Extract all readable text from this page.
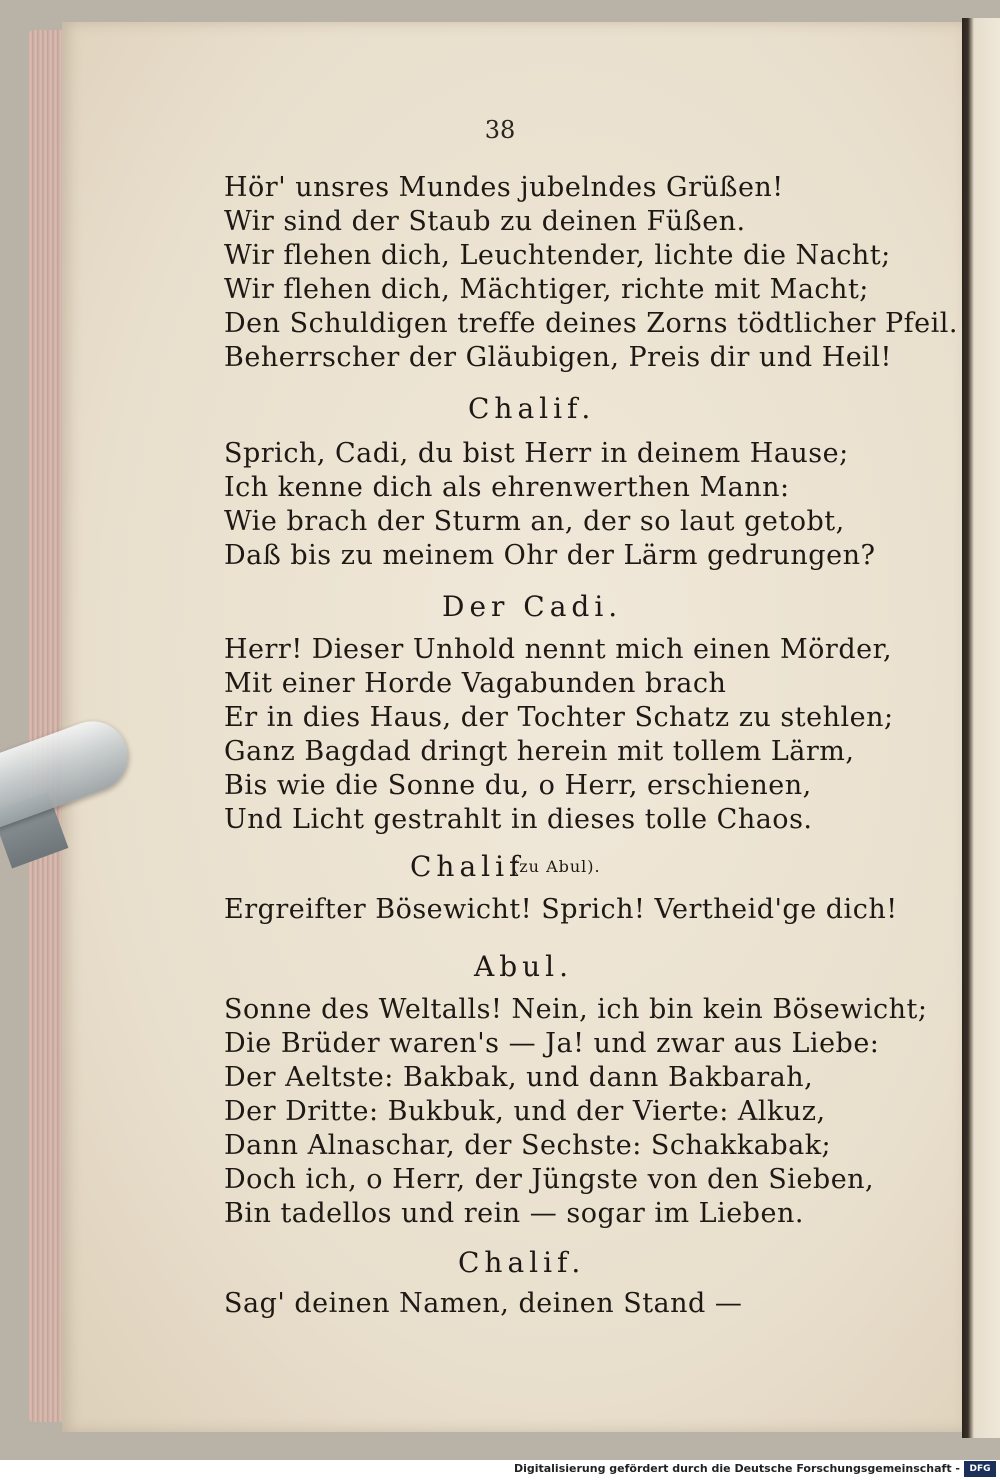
38
Hör' unsres Mundes jubelndes Grüßen!
Wir sind der Staub zu deinen Füßen.
Wir flehen dich, Leuchtender, lichte die Nacht;
Wir flehen dich, Mächtiger, richte mit Macht;
Den Schuldigen treffe deines Zorns tödtlicher Pfeil.
Beherrscher der Gläubigen, Preis dir und Heil!
Chalif.
Sprich, Cadi, du bist Herr in deinem Hause;
Ich kenne dich als ehrenwerthen Mann:
Wie brach der Sturm an, der so laut getobt,
Daß bis zu meinem Ohr der Lärm gedrungen?
Der Cadi.
Herr! Dieser Unhold nennt mich einen Mörder,
Mit einer Horde Vagabunden brach
Er in dies Haus, der Tochter Schatz zu stehlen;
Ganz Bagdad dringt herein mit tollem Lärm,
Bis wie die Sonne du, o Herr, erschienen,
Und Licht gestrahlt in dieses tolle Chaos.
Chalif
(zu Abul).
Ergreifter Bösewicht! Sprich! Vertheid'ge dich!
Abul.
Sonne des Weltalls! Nein, ich bin kein Bösewicht;
Die Brüder waren's — Ja! und zwar aus Liebe:
Der Aeltste: Bakbak, und dann Bakbarah,
Der Dritte: Bukbuk, und der Vierte: Alkuz,
Dann Alnaschar, der Sechste: Schakkabak;
Doch ich, o Herr, der Jüngste von den Sieben,
Bin tadellos und rein — sogar im Lieben.
Chalif.
Sag' deinen Namen, deinen Stand —
Digitalisierung gefördert durch die Deutsche Forschungsgemeinschaft -	DFG
